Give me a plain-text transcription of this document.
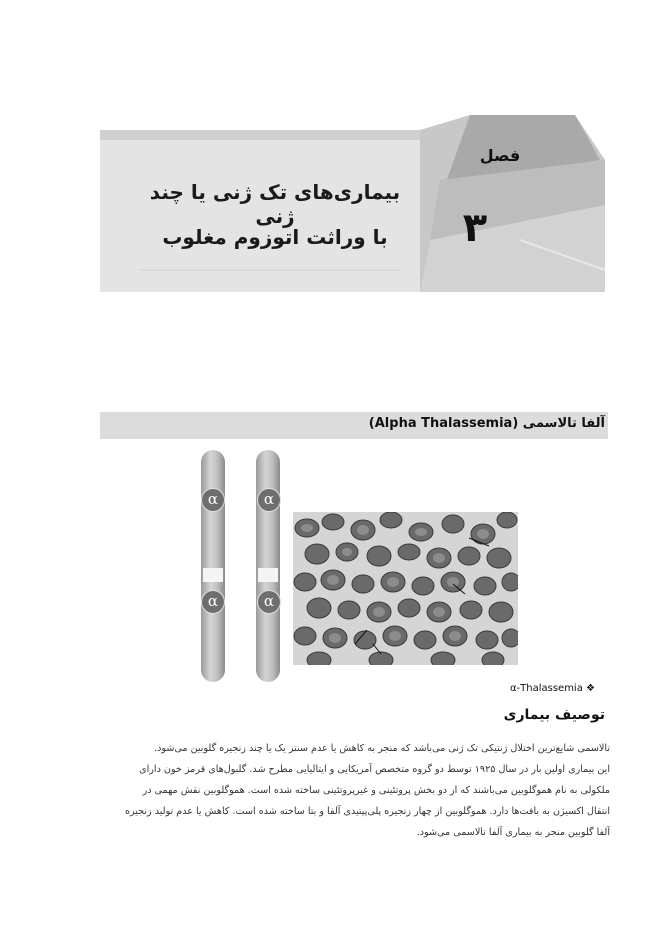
فصل
۳
بیماری‌های تک ژنی یا چند ژنی
با وراثت اتوزوم مغلوب
آلفا تالاسمی (Alpha Thalassemia)
α
α
α
α
α-Thalassemia ❖
توصیف بیماری
تالاسمی شایع‌ترین اختلال ژنتیکی تک ژنی می‌باشد که منجر به کاهش یا عدم سنتز یک یا چند زنجیره گلوبین می‌شود.
این بیماری اولین بار در سال ۱۹۲۵ توسط دو گروه متخصص آمریکایی و ایتالیایی مطرح شد. گلبول‌های قرمز خون دارای
ملکولی به نام هموگلوبین می‌باشند که از دو بخش پروتئینی و غیرپروتئینی ساخته شده است. هموگلوبین نقش مهمی در
انتقال اکسیژن به بافت‌ها دارد. هموگلوبین از چهار زنجیره پلی‌پپتیدی آلفا و بتا ساخته شده است. کاهش یا عدم تولید زنجیره
آلفا گلوبین منجر به بیماری آلفا تالاسمی می‌شود.
